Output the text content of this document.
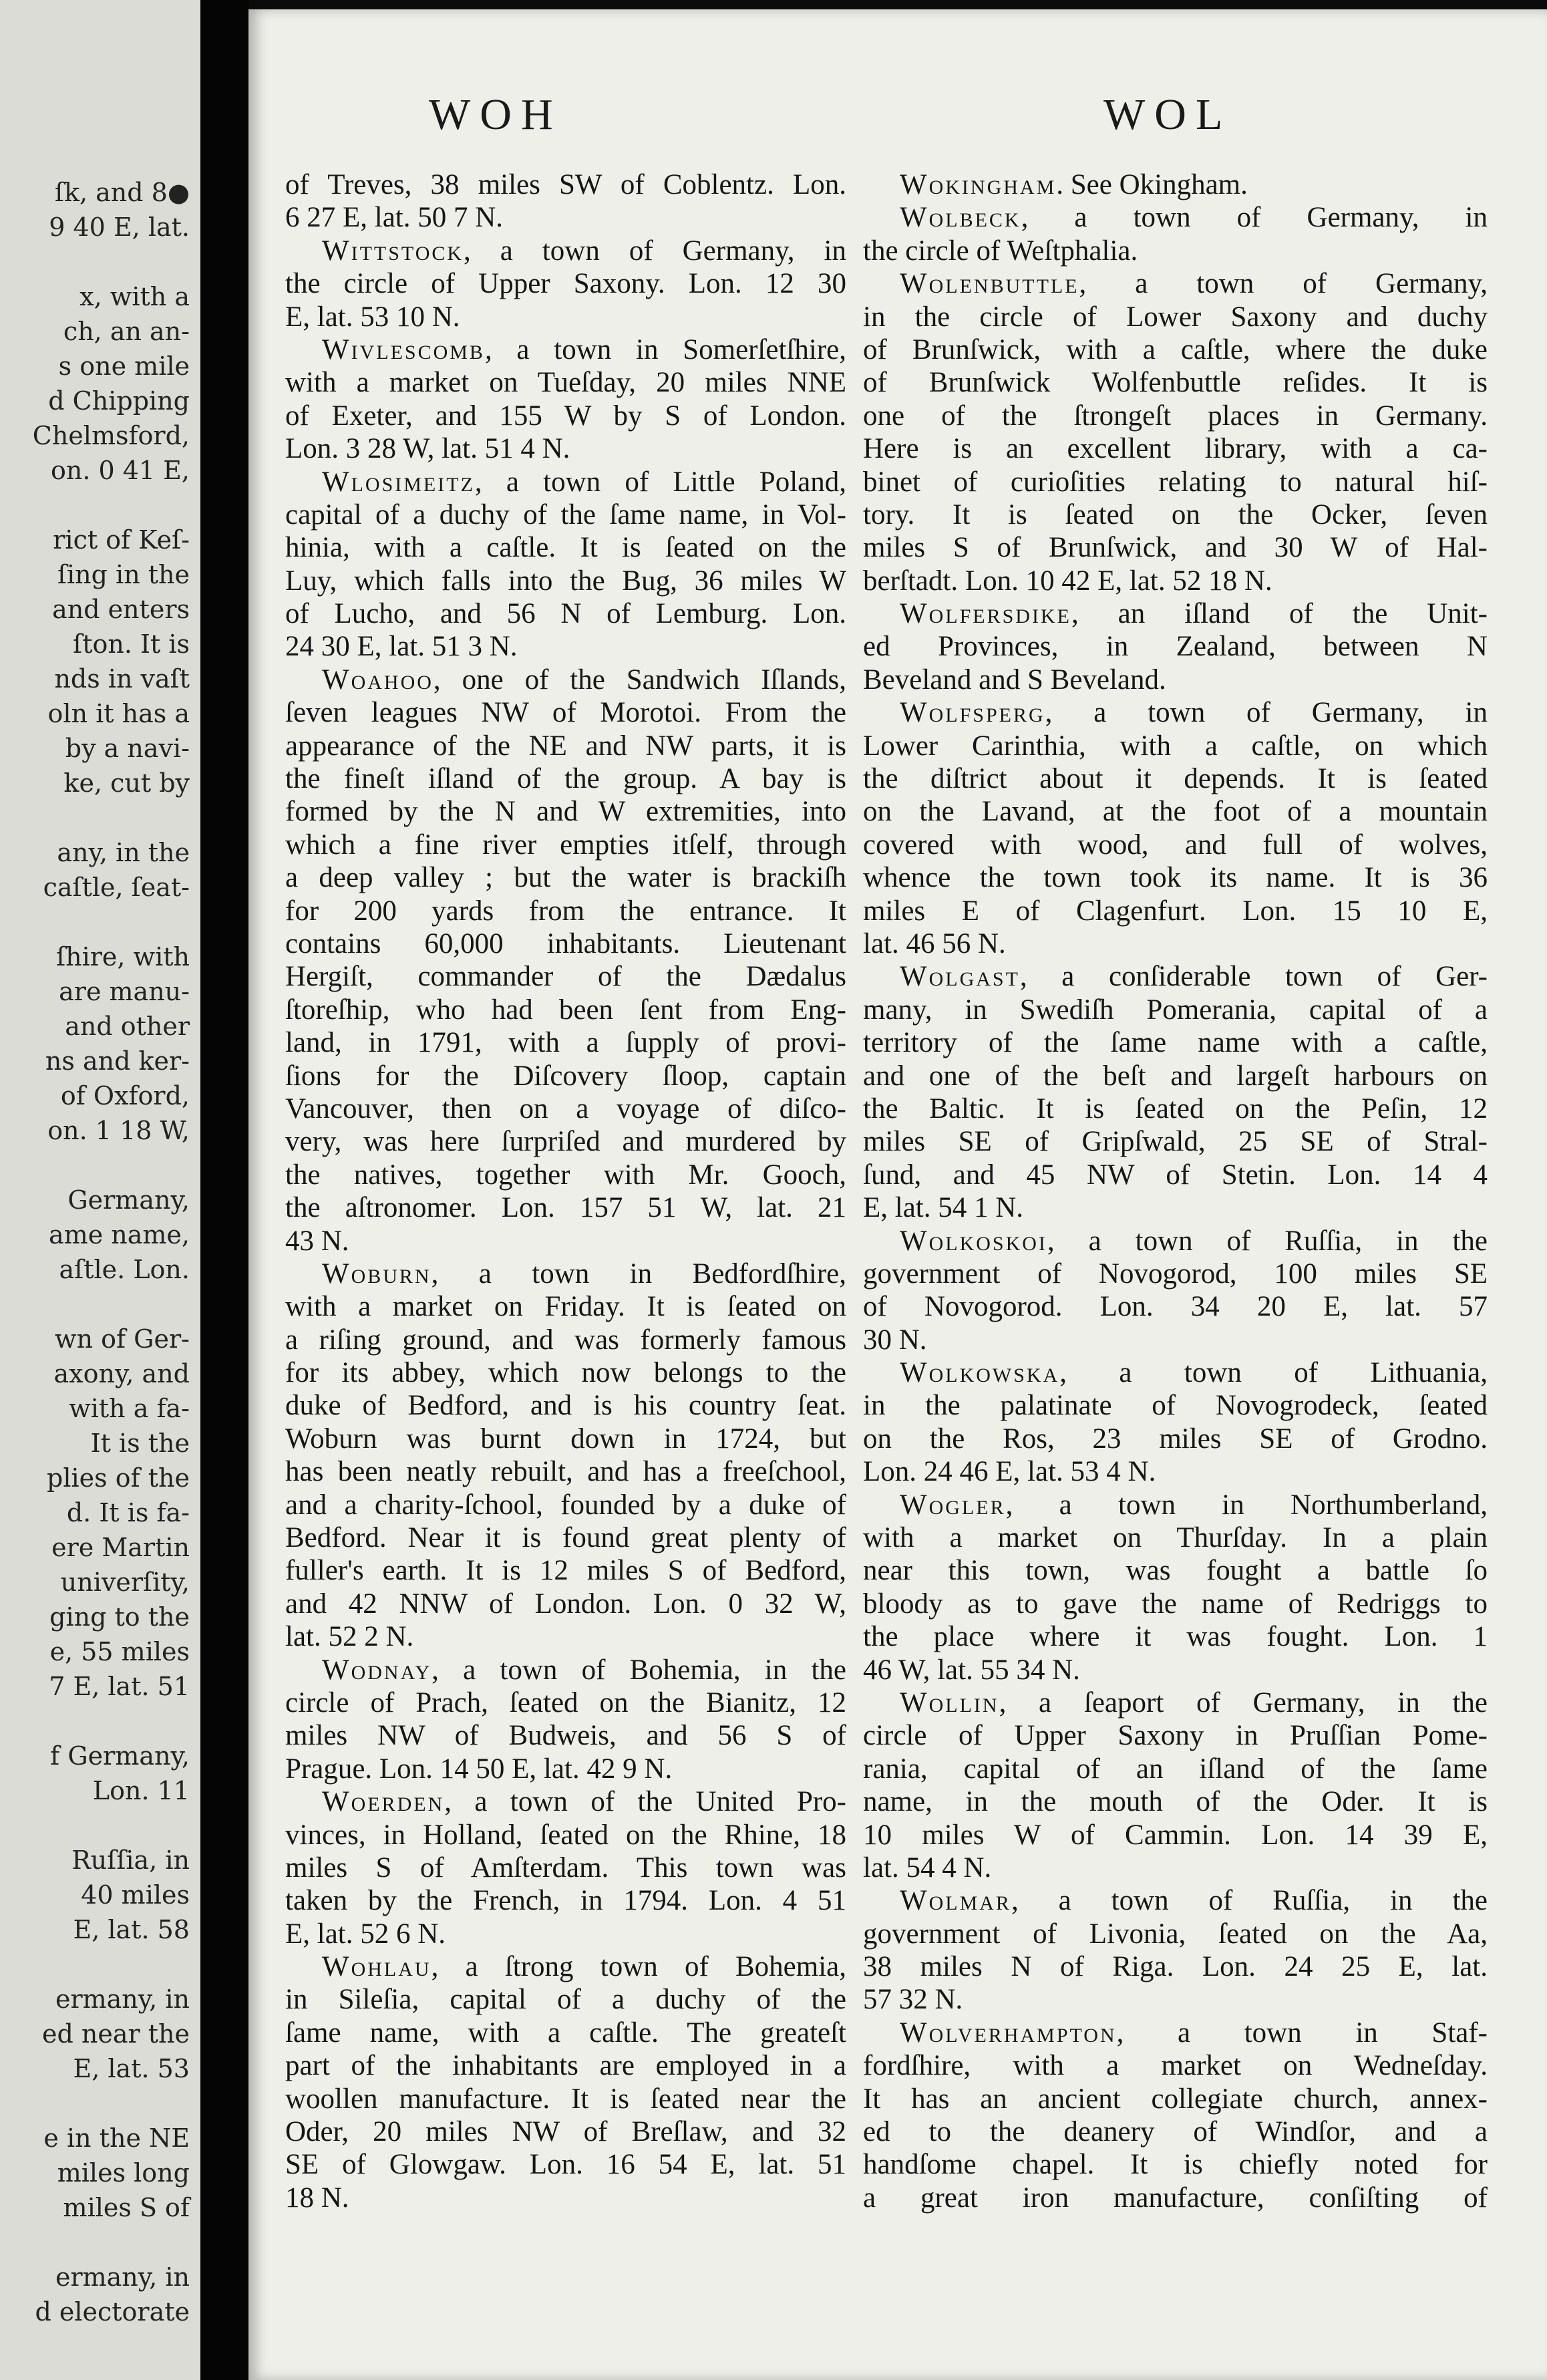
ſk, and 8●
9 40 E, lat.
x, with a
ch, an an-
s one mile
d Chipping
Chelmsford,
on. 0 41 E,
rict of Keſ-
ſing in the
and enters
ſton. It is
nds in vaſt
oln it has a
by a navi-
ke, cut by
any, in the
caſtle, ſeat-
ſhire, with
are manu-
and other
ns and ker-
of Oxford,
on. 1 18 W,
Germany,
ame name,
aſtle. Lon.
wn of Ger-
axony, and
with a fa-
It is the
plies of the
d. It is fa-
ere Martin
univerſity,
ging to the
e, 55 miles
7 E, lat. 51
f Germany,
Lon. 11
Ruſſia, in
40 miles
E, lat. 58
ermany, in
ed near the
E, lat. 53
e in the NE
miles long
miles S of
ermany, in
d electorate
WOH	WOL
of Treves, 38 miles SW of Coblentz. Lon.
6 27 E, lat. 50 7 N.
Wittstock, a town of Germany, in
the circle of Upper Saxony. Lon. 12 30
E, lat. 53 10 N.
Wivlescomb, a town in Somerſetſhire,
with a market on Tueſday, 20 miles NNE
of Exeter, and 155 W by S of London.
Lon. 3 28 W, lat. 51 4 N.
Wlosimeitz, a town of Little Poland,
capital of a duchy of the ſame name, in Vol-
hinia, with a caſtle. It is ſeated on the
Luy, which falls into the Bug, 36 miles W
of Lucho, and 56 N of Lemburg. Lon.
24 30 E, lat. 51 3 N.
Woahoo, one of the Sandwich Iſlands,
ſeven leagues NW of Morotoi. From the
appearance of the NE and NW parts, it is
the fineſt iſland of the group. A bay is
formed by the N and W extremities, into
which a fine river empties itſelf, through
a deep valley ; but the water is brackiſh
for 200 yards from the entrance. It
contains 60,000 inhabitants. Lieutenant
Hergiſt, commander of the Dædalus
ſtoreſhip, who had been ſent from Eng-
land, in 1791, with a ſupply of provi-
ſions for the Diſcovery ſloop, captain
Vancouver, then on a voyage of diſco-
very, was here ſurpriſed and murdered by
the natives, together with Mr. Gooch,
the aſtronomer. Lon. 157 51 W, lat. 21
43 N.
Woburn, a town in Bedfordſhire,
with a market on Friday. It is ſeated on
a riſing ground, and was formerly famous
for its abbey, which now belongs to the
duke of Bedford, and is his country ſeat.
Woburn was burnt down in 1724, but
has been neatly rebuilt, and has a freeſchool,
and a charity-ſchool, founded by a duke of
Bedford. Near it is found great plenty of
fuller's earth. It is 12 miles S of Bedford,
and 42 NNW of London. Lon. 0 32 W,
lat. 52 2 N.
Wodnay, a town of Bohemia, in the
circle of Prach, ſeated on the Bianitz, 12
miles NW of Budweis, and 56 S of
Prague. Lon. 14 50 E, lat. 42 9 N.
Woerden, a town of the United Pro-
vinces, in Holland, ſeated on the Rhine, 18
miles S of Amſterdam. This town was
taken by the French, in 1794. Lon. 4 51
E, lat. 52 6 N.
Wohlau, a ſtrong town of Bohemia,
in Sileſia, capital of a duchy of the
ſame name, with a caſtle. The greateſt
part of the inhabitants are employed in a
woollen manufacture. It is ſeated near the
Oder, 20 miles NW of Breſlaw, and 32
SE of Glowgaw. Lon. 16 54 E, lat. 51
18 N.
Wokingham. See Okingham.
Wolbeck, a town of Germany, in
the circle of Weſtphalia.
Wolenbuttle, a town of Germany,
in the circle of Lower Saxony and duchy
of Brunſwick, with a caſtle, where the duke
of Brunſwick Wolfenbuttle reſides. It is
one of the ſtrongeſt places in Germany.
Here is an excellent library, with a ca-
binet of curioſities relating to natural hiſ-
tory. It is ſeated on the Ocker, ſeven
miles S of Brunſwick, and 30 W of Hal-
berſtadt. Lon. 10 42 E, lat. 52 18 N.
Wolfersdike, an iſland of the Unit-
ed Provinces, in Zealand, between N
Beveland and S Beveland.
Wolfsperg, a town of Germany, in
Lower Carinthia, with a caſtle, on which
the diſtrict about it depends. It is ſeated
on the Lavand, at the foot of a mountain
covered with wood, and full of wolves,
whence the town took its name. It is 36
miles E of Clagenfurt. Lon. 15 10 E,
lat. 46 56 N.
Wolgast, a conſiderable town of Ger-
many, in Swediſh Pomerania, capital of a
territory of the ſame name with a caſtle,
and one of the beſt and largeſt harbours on
the Baltic. It is ſeated on the Peſin, 12
miles SE of Gripſwald, 25 SE of Stral-
ſund, and 45 NW of Stetin. Lon. 14 4
E, lat. 54 1 N.
Wolkoskoi, a town of Ruſſia, in the
government of Novogorod, 100 miles SE
of Novogorod. Lon. 34 20 E, lat. 57
30 N.
Wolkowska, a town of Lithuania,
in the palatinate of Novogrodeck, ſeated
on the Ros, 23 miles SE of Grodno.
Lon. 24 46 E, lat. 53 4 N.
Wogler, a town in Northumberland,
with a market on Thurſday. In a plain
near this town, was fought a battle ſo
bloody as to gave the name of Redriggs to
the place where it was fought. Lon. 1
46 W, lat. 55 34 N.
Wollin, a ſeaport of Germany, in the
circle of Upper Saxony in Pruſſian Pome-
rania, capital of an iſland of the ſame
name, in the mouth of the Oder. It is
10 miles W of Cammin. Lon. 14 39 E,
lat. 54 4 N.
Wolmar, a town of Ruſſia, in the
government of Livonia, ſeated on the Aa,
38 miles N of Riga. Lon. 24 25 E, lat.
57 32 N.
Wolverhampton, a town in Staf-
fordſhire, with a market on Wedneſday.
It has an ancient collegiate church, annex-
ed to the deanery of Windſor, and a
handſome chapel. It is chiefly noted for
a great iron manufacture, conſiſting of
